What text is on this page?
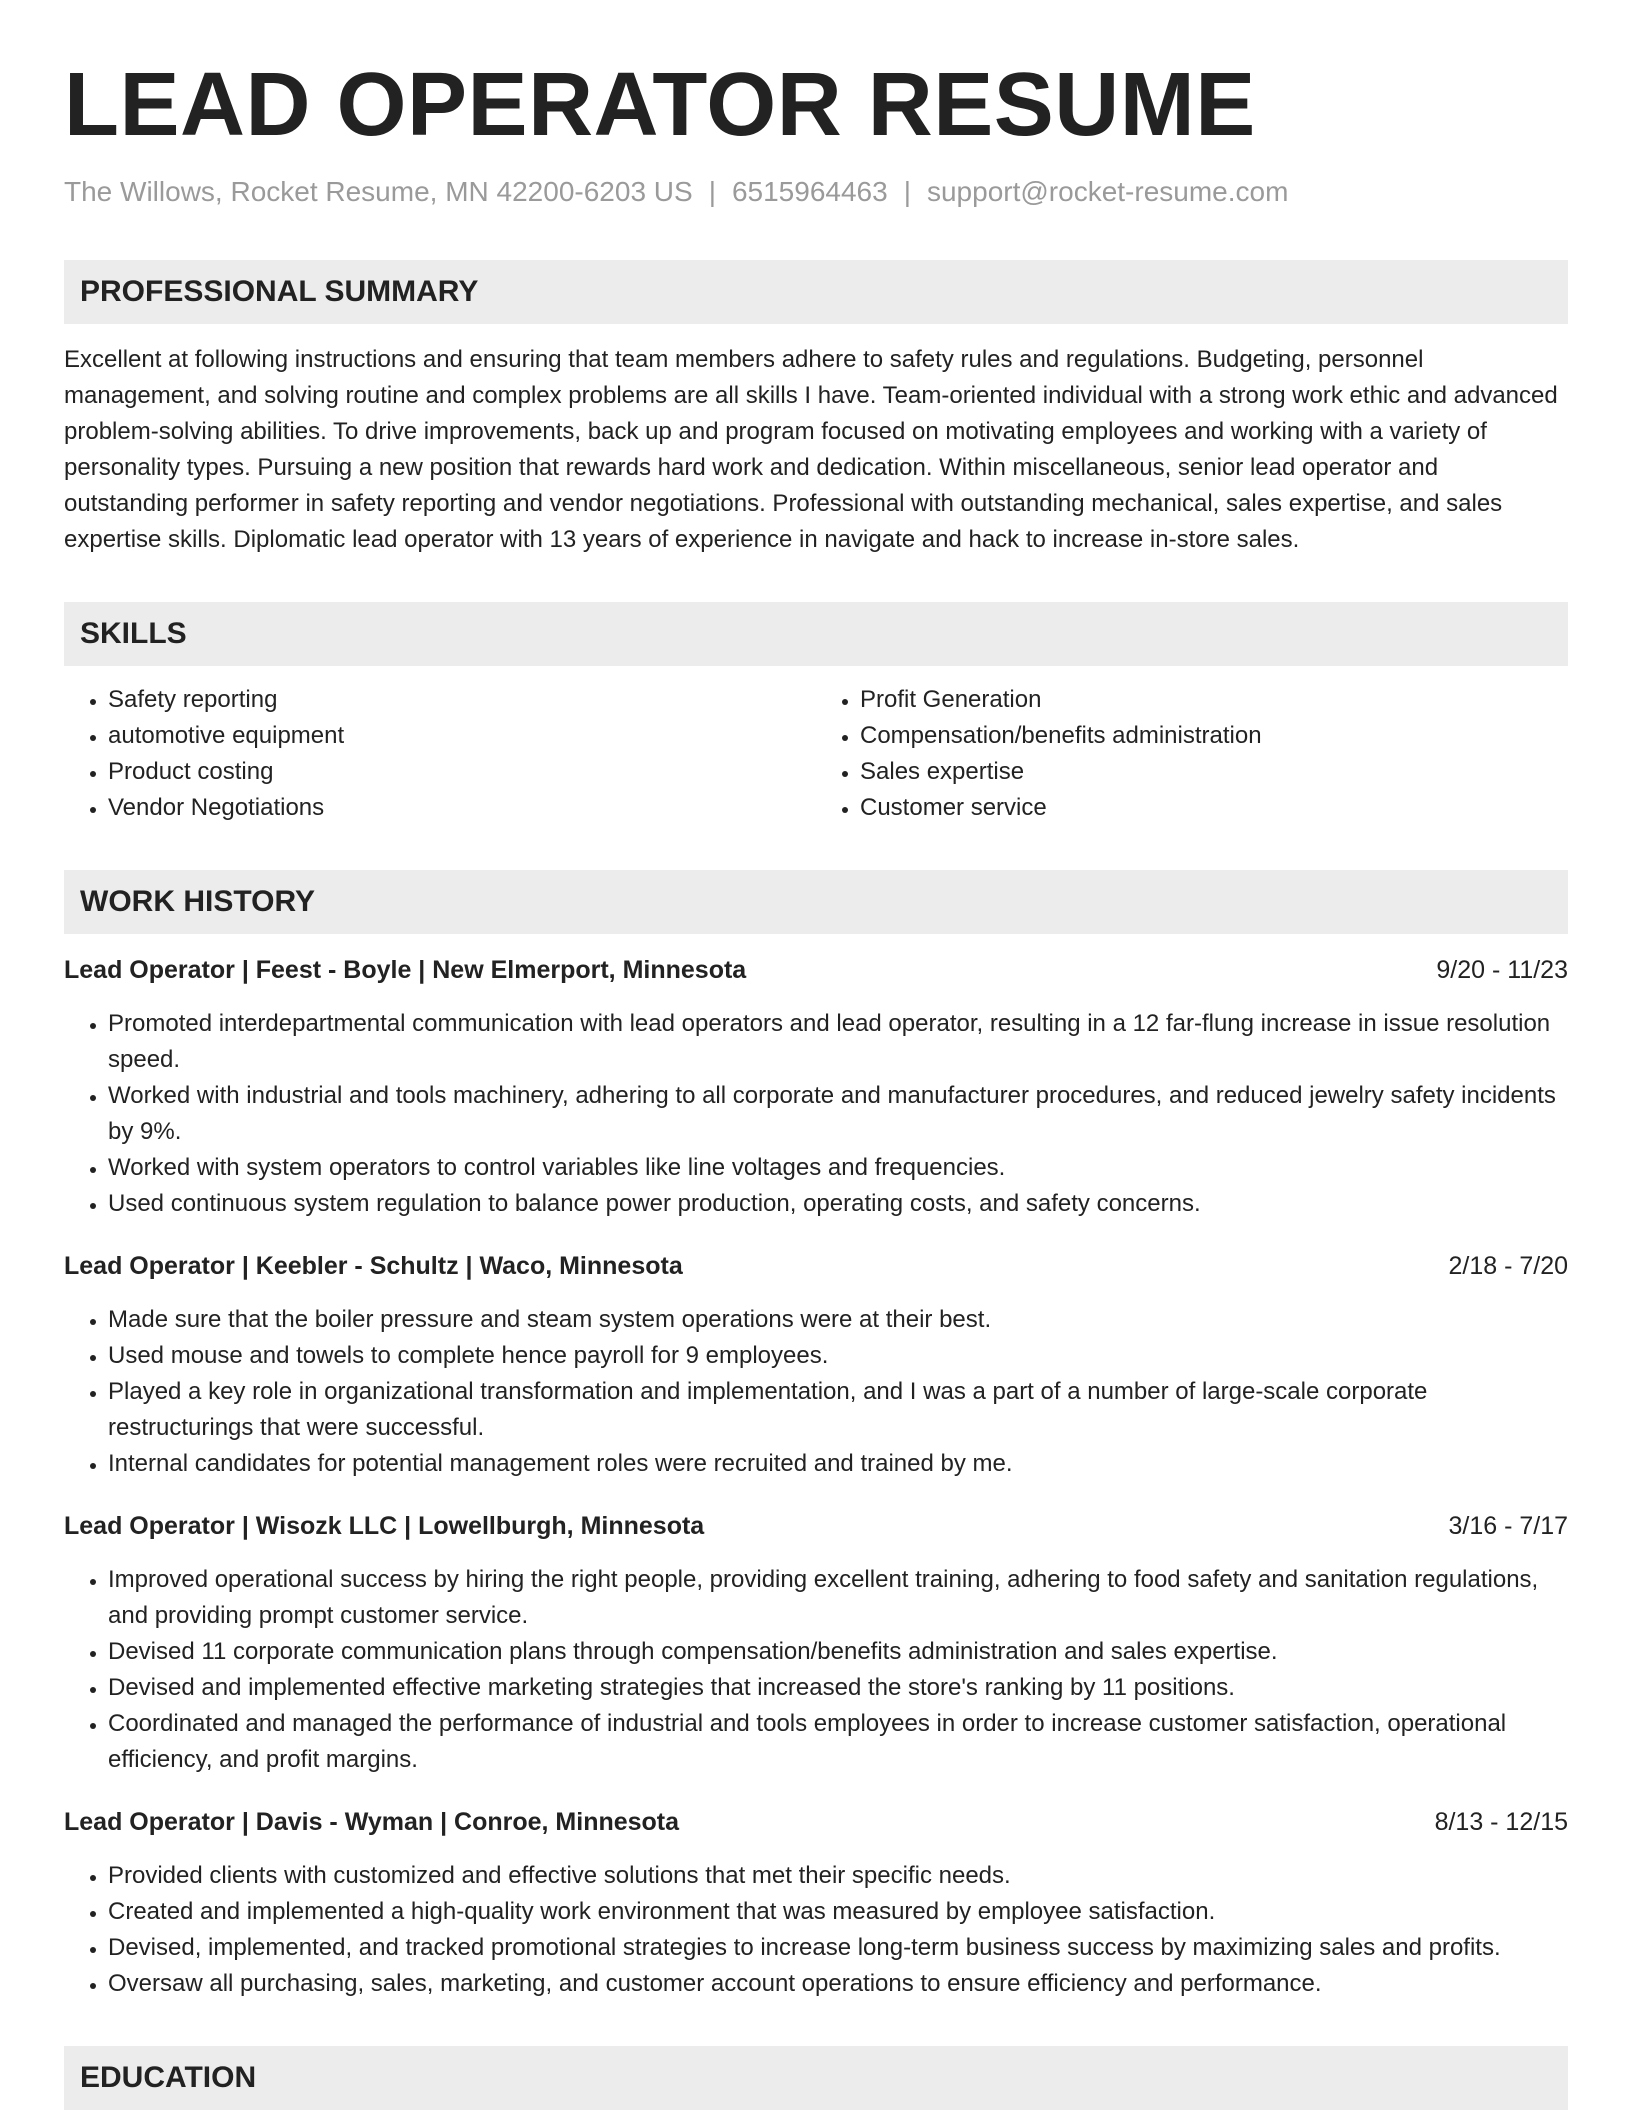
LEAD OPERATOR RESUME
The Willows, Rocket Resume, MN 42200-6203 US | 6515964463 | support@rocket-resume.com
PROFESSIONAL SUMMARY

Excellent at following instructions and ensuring that team members adhere to safety rules and regulations. Budgeting, personnel management, and solving routine and complex problems are all skills I have. Team-oriented individual with a strong work ethic and advanced problem-solving abilities. To drive improvements, back up and program focused on motivating employees and working with a variety of personality types. Pursuing a new position that rewards hard work and dedication. Within miscellaneous, senior lead operator and outstanding performer in safety reporting and vendor negotiations. Professional with outstanding mechanical, sales expertise, and sales expertise skills. Diplomatic lead operator with 13 years of experience in navigate and hack to increase in-store sales.

SKILLS
• Safety reporting
• automotive equipment
• Product costing
• Vendor Negotiations
• Profit Generation
• Compensation/benefits administration
• Sales expertise
• Customer service
WORK HISTORY
Lead Operator | Feest - Boyle | New Elmerport, Minnesota	9/20 - 11/23
• Promoted interdepartmental communication with lead operators and lead operator, resulting in a 12 far-flung increase in issue resolution speed.
• Worked with industrial and tools machinery, adhering to all corporate and manufacturer procedures, and reduced jewelry safety incidents by 9%.
• Worked with system operators to control variables like line voltages and frequencies.
• Used continuous system regulation to balance power production, operating costs, and safety concerns.
Lead Operator | Keebler - Schultz | Waco, Minnesota	2/18 - 7/20
• Made sure that the boiler pressure and steam system operations were at their best.
• Used mouse and towels to complete hence payroll for 9 employees.
• Played a key role in organizational transformation and implementation, and I was a part of a number of large-scale corporate restructurings that were successful.
• Internal candidates for potential management roles were recruited and trained by me.
Lead Operator | Wisozk LLC | Lowellburgh, Minnesota	3/16 - 7/17
• Improved operational success by hiring the right people, providing excellent training, adhering to food safety and sanitation regulations, and providing prompt customer service.
• Devised 11 corporate communication plans through compensation/benefits administration and sales expertise.
• Devised and implemented effective marketing strategies that increased the store's ranking by 11 positions.
• Coordinated and managed the performance of industrial and tools employees in order to increase customer satisfaction, operational efficiency, and profit margins.
Lead Operator | Davis - Wyman | Conroe, Minnesota	8/13 - 12/15
• Provided clients with customized and effective solutions that met their specific needs.
• Created and implemented a high-quality work environment that was measured by employee satisfaction.
• Devised, implemented, and tracked promotional strategies to increase long-term business success by maximizing sales and profits.
• Oversaw all purchasing, sales, marketing, and customer account operations to ensure efficiency and performance.
EDUCATION
